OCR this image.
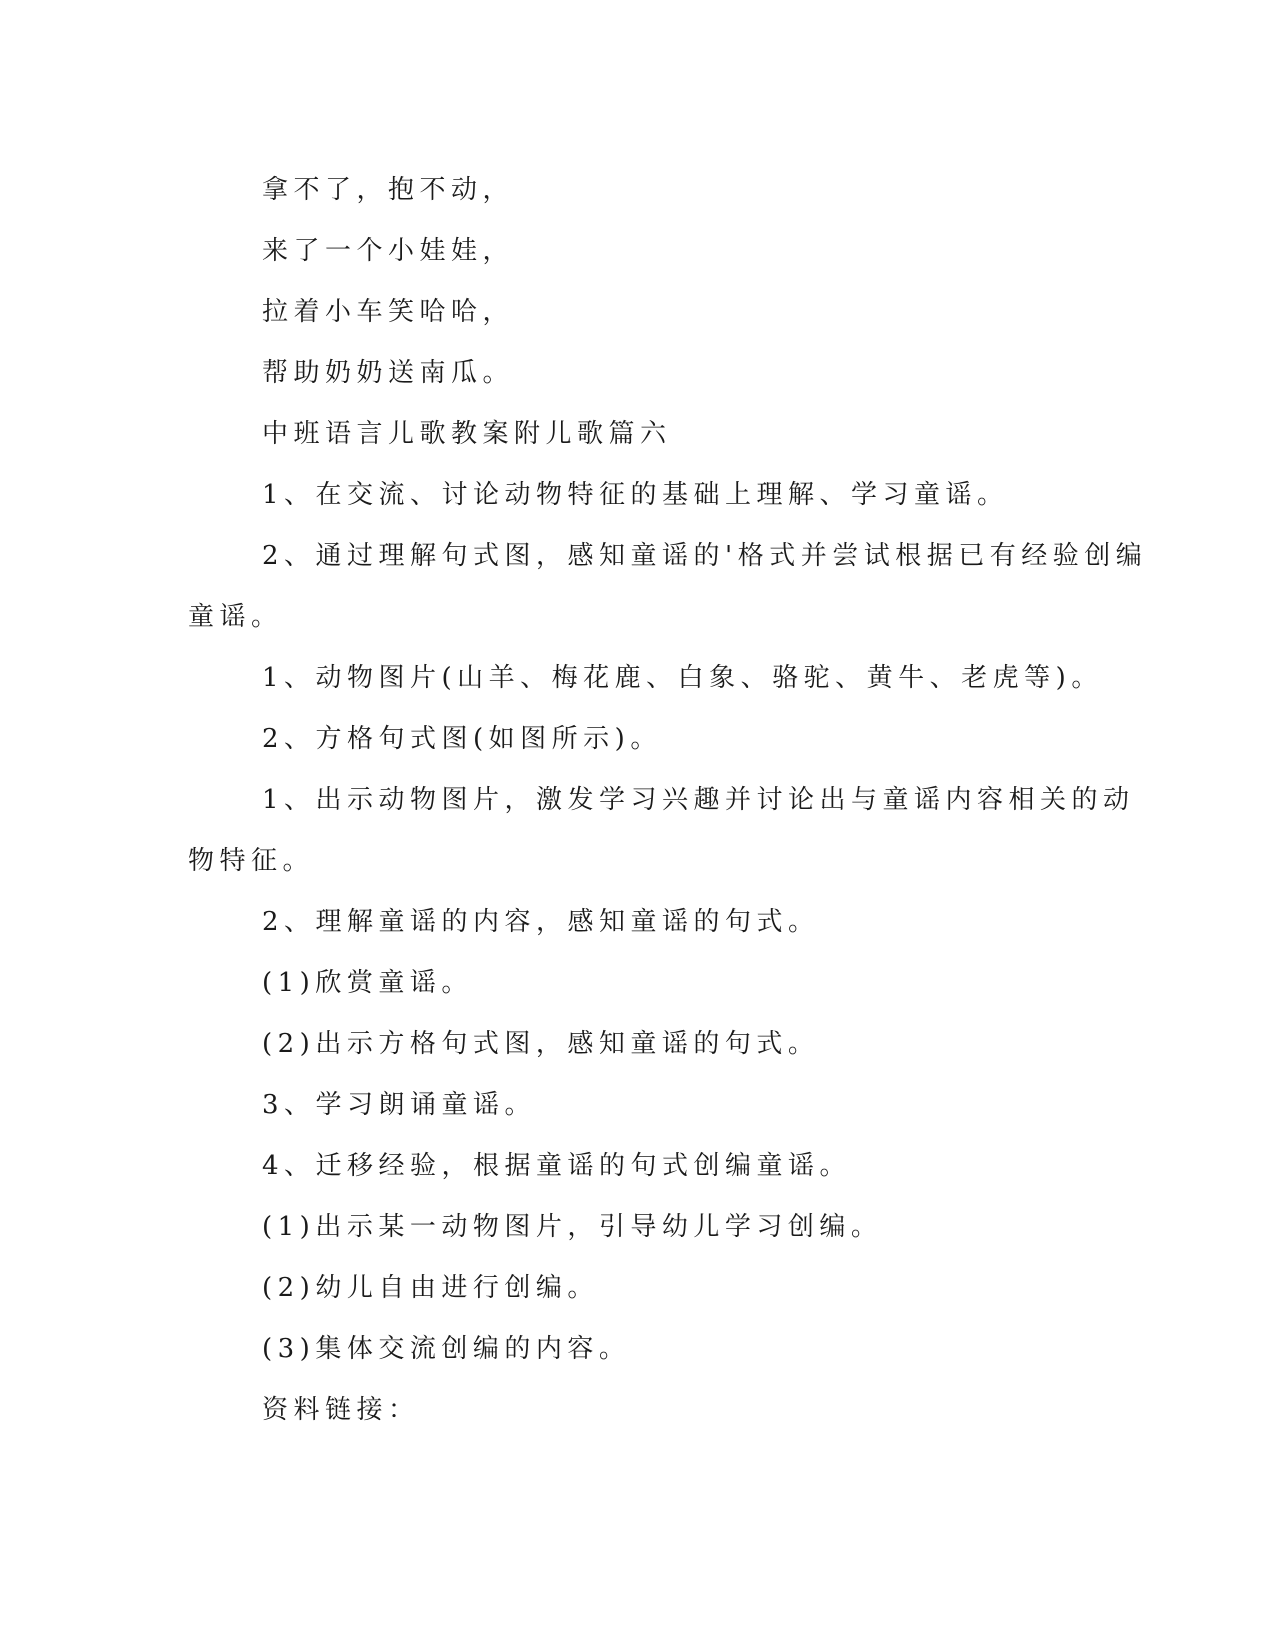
拿不了，抱不动，
来了一个小娃娃，
拉着小车笑哈哈，
帮助奶奶送南瓜。
中班语言儿歌教案附儿歌篇六
1、在交流、讨论动物特征的基础上理解、学习童谣。
2、通过理解句式图，感知童谣的'格式并尝试根据已有经验创编
童谣。
1、动物图片(山羊、梅花鹿、白象、骆驼、黄牛、老虎等)。
2、方格句式图(如图所示)。
1、出示动物图片，激发学习兴趣并讨论出与童谣内容相关的动
物特征。
2、理解童谣的内容，感知童谣的句式。
(1)欣赏童谣。
(2)出示方格句式图，感知童谣的句式。
3、学习朗诵童谣。
4、迁移经验，根据童谣的句式创编童谣。
(1)出示某一动物图片，引导幼儿学习创编。
(2)幼儿自由进行创编。
(3)集体交流创编的内容。
资料链接：
